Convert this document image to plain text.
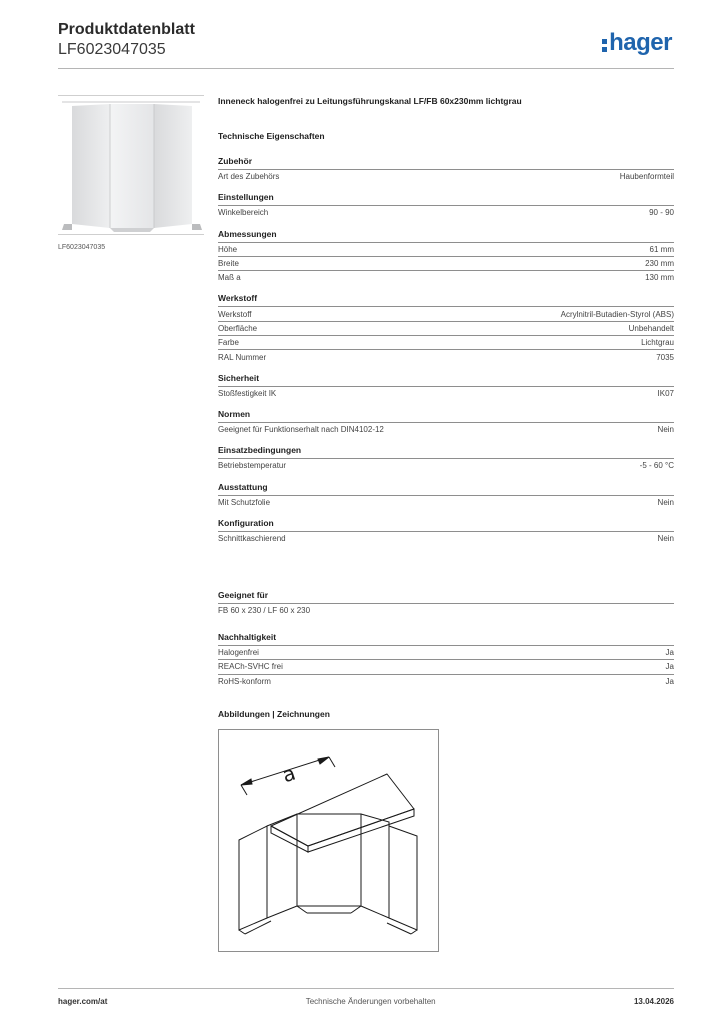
Produktdatenblatt
LF6023047035	hager
LF6023047035
Inneneck halogenfrei zu Leitungsführungskanal LF/FB 60x230mm lichtgrau
Technische Eigenschaften
Zubehör
Art des Zubehörs	Haubenformteil
Einstellungen
Winkelbereich	90 - 90
Abmessungen
Höhe	61 mm
Breite	230 mm
Maß a	130 mm
Werkstoff
Werkstoff	Acrylnitril-Butadien-Styrol (ABS)
Oberfläche	Unbehandelt
Farbe	Lichtgrau
RAL Nummer	7035
Sicherheit
Stoßfestigkeit IK	IK07
Normen
Geeignet für Funktionserhalt nach DIN4102-12	Nein
Einsatzbedingungen
Betriebstemperatur	-5 - 60 °C
Ausstattung
Mit Schutzfolie	Nein
Konfiguration
Schnittkaschierend	Nein
Geeignet für
FB 60 x 230 / LF 60 x 230
Nachhaltigkeit
Halogenfrei	Ja
REACh-SVHC frei	Ja
RoHS-konform	Ja
Abbildungen | Zeichnungen
a
hager.com/at	Technische Änderungen vorbehalten	13.04.2026
